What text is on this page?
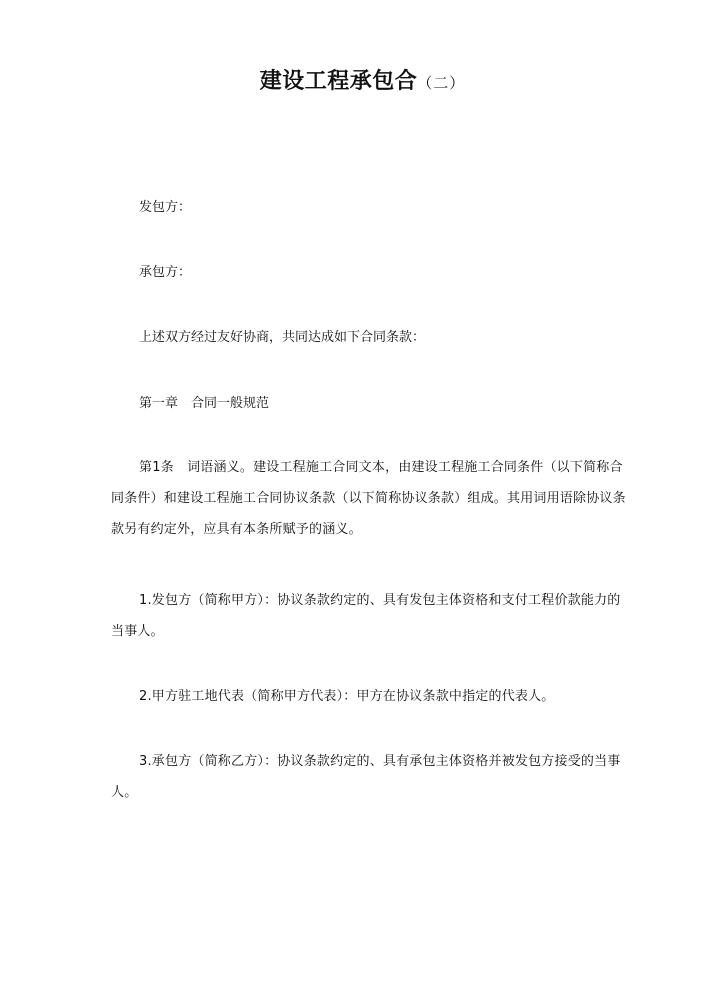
建设工程承包合（二）
发包方：
承包方：
上述双方经过友好协商，共同达成如下合同条款：
第一章　合同一般规范
第1条　词语涵义。建设工程施工合同文本，由建设工程施工合同条件（以下简称合同条件）和建设工程施工合同协议条款（以下简称协议条款）组成。其用词用语除协议条款另有约定外，应具有本条所赋予的涵义。
1.发包方（简称甲方）：协议条款约定的、具有发包主体资格和支付工程价款能力的当事人。
2.甲方驻工地代表（简称甲方代表）：甲方在协议条款中指定的代表人。
3.承包方（简称乙方）：协议条款约定的、具有承包主体资格并被发包方接受的当事人。
